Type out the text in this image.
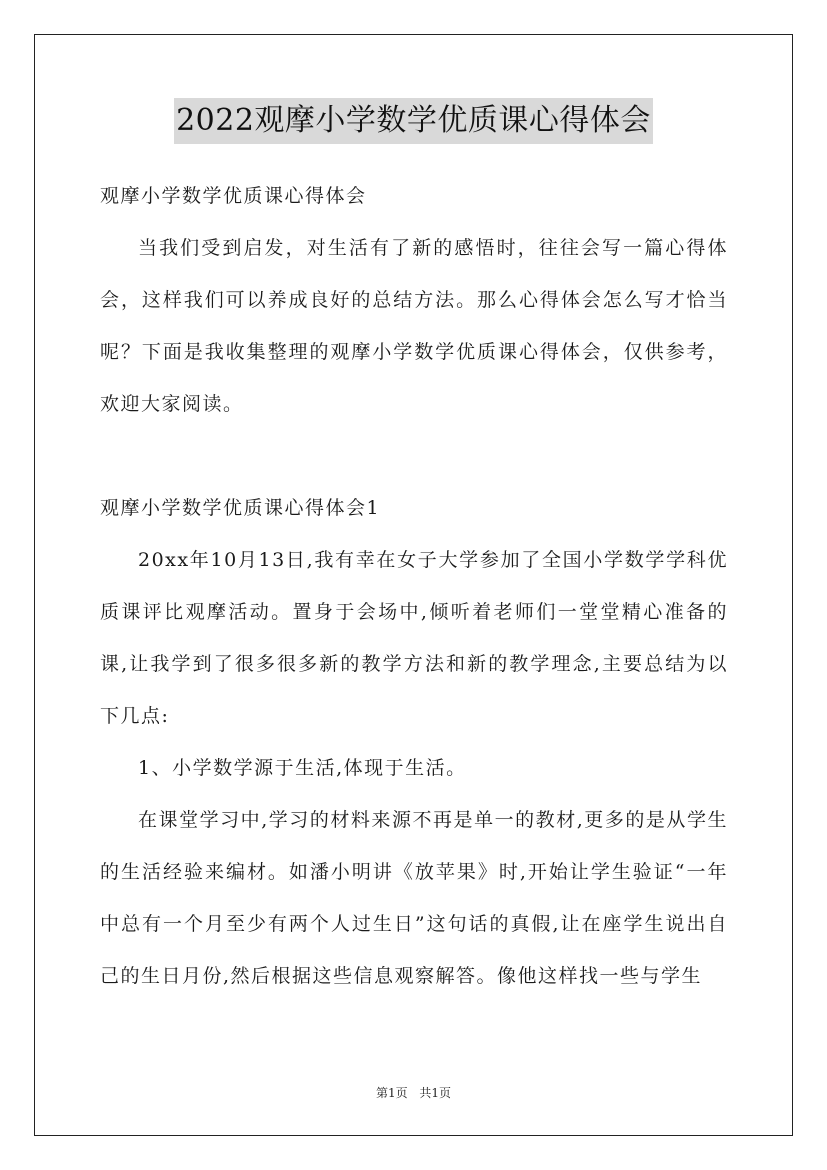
2022观摩小学数学优质课心得体会

观摩小学数学优质课心得体会

当我们受到启发，对生活有了新的感悟时，往往会写一篇心得体会，这样我们可以养成良好的总结方法。那么心得体会怎么写才恰当呢？下面是我收集整理的观摩小学数学优质课心得体会，仅供参考，欢迎大家阅读。

观摩小学数学优质课心得体会1

20xx年10月13日,我有幸在女子大学参加了全国小学数学学科优质课评比观摩活动。置身于会场中,倾听着老师们一堂堂精心准备的课,让我学到了很多很多新的教学方法和新的教学理念,主要总结为以下几点:

1、小学数学源于生活,体现于生活。

在课堂学习中,学习的材料来源不再是单一的教材,更多的是从学生的生活经验来编材。如潘小明讲《放苹果》时,开始让学生验证“一年中总有一个月至少有两个人过生日”这句话的真假,让在座学生说出自己的生日月份,然后根据这些信息观察解答。像他这样找一些与学生

第1页 共1页
